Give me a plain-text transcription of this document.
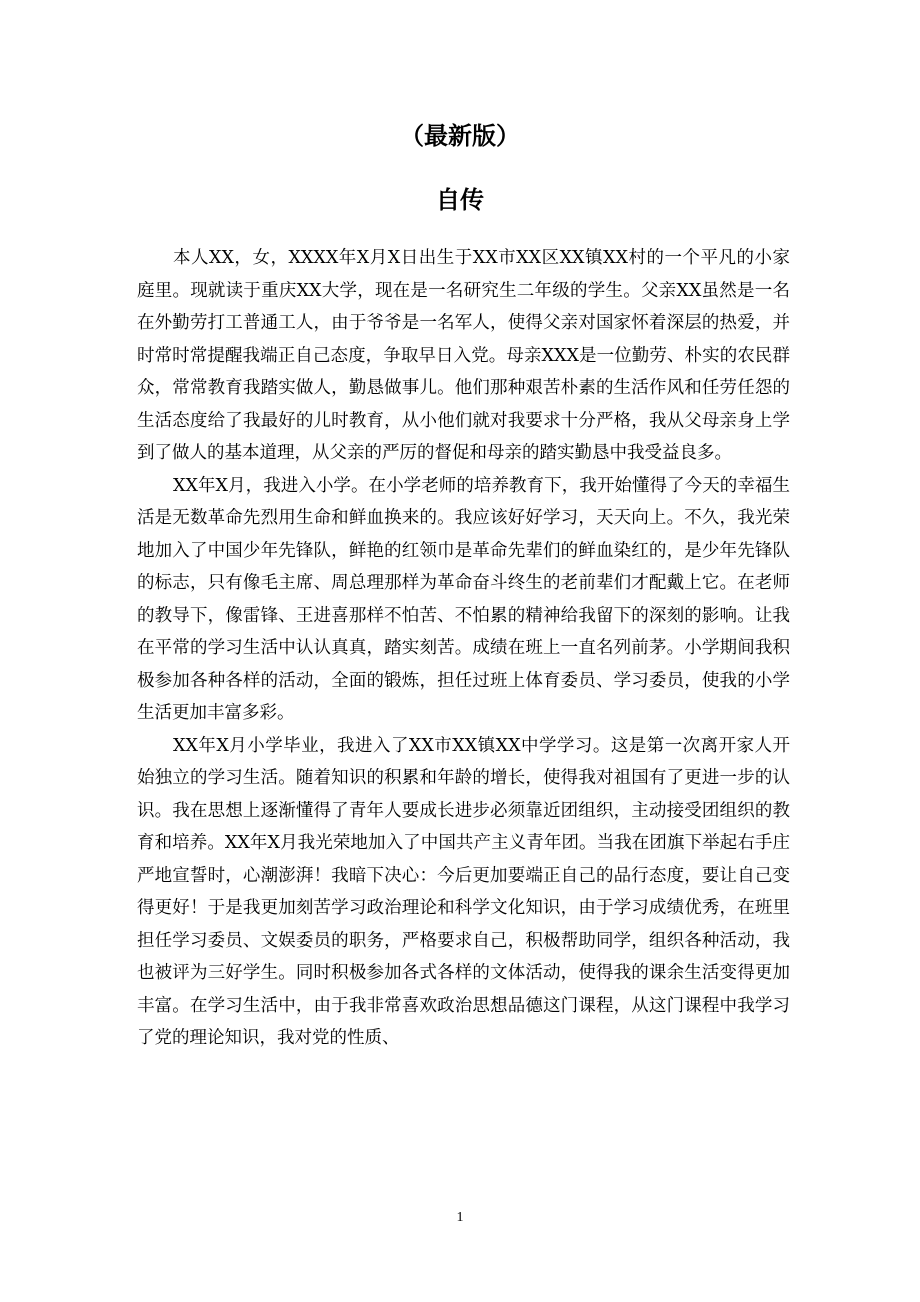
（最新版）
自传

本人XX，女，XXXX年X月X日出生于XX市XX区XX镇XX村的一个平凡的小家庭里。现就读于重庆XX大学，现在是一名研究生二年级的学生。父亲XX虽然是一名在外勤劳打工普通工人，由于爷爷是一名军人，使得父亲对国家怀着深层的热爱，并时常时常提醒我端正自己态度，争取早日入党。母亲XXX是一位勤劳、朴实的农民群众，常常教育我踏实做人，勤恳做事儿。他们那种艰苦朴素的生活作风和任劳任怨的生活态度给了我最好的儿时教育，从小他们就对我要求十分严格，我从父母亲身上学到了做人的基本道理，从父亲的严厉的督促和母亲的踏实勤恳中我受益良多。

XX年X月，我进入小学。在小学老师的培养教育下，我开始懂得了今天的幸福生活是无数革命先烈用生命和鲜血换来的。我应该好好学习，天天向上。不久，我光荣地加入了中国少年先锋队，鲜艳的红领巾是革命先辈们的鲜血染红的，是少年先锋队的标志，只有像毛主席、周总理那样为革命奋斗终生的老前辈们才配戴上它。在老师的教导下，像雷锋、王进喜那样不怕苦、不怕累的精神给我留下的深刻的影响。让我在平常的学习生活中认认真真，踏实刻苦。成绩在班上一直名列前茅。小学期间我积极参加各种各样的活动，全面的锻炼，担任过班上体育委员、学习委员，使我的小学生活更加丰富多彩。

XX年X月小学毕业，我进入了XX市XX镇XX中学学习。这是第一次离开家人开始独立的学习生活。随着知识的积累和年龄的增长，使得我对祖国有了更进一步的认识。我在思想上逐渐懂得了青年人要成长进步必须靠近团组织，主动接受团组织的教育和培养。XX年X月我光荣地加入了中国共产主义青年团。当我在团旗下举起右手庄严地宣誓时，心潮澎湃！我暗下决心：今后更加要端正自己的品行态度，要让自己变得更好！于是我更加刻苦学习政治理论和科学文化知识，由于学习成绩优秀，在班里担任学习委员、文娱委员的职务，严格要求自己，积极帮助同学，组织各种活动，我也被评为三好学生。同时积极参加各式各样的文体活动，使得我的课余生活变得更加丰富。在学习生活中，由于我非常喜欢政治思想品德这门课程，从这门课程中我学习了党的理论知识，我对党的性质、

1
